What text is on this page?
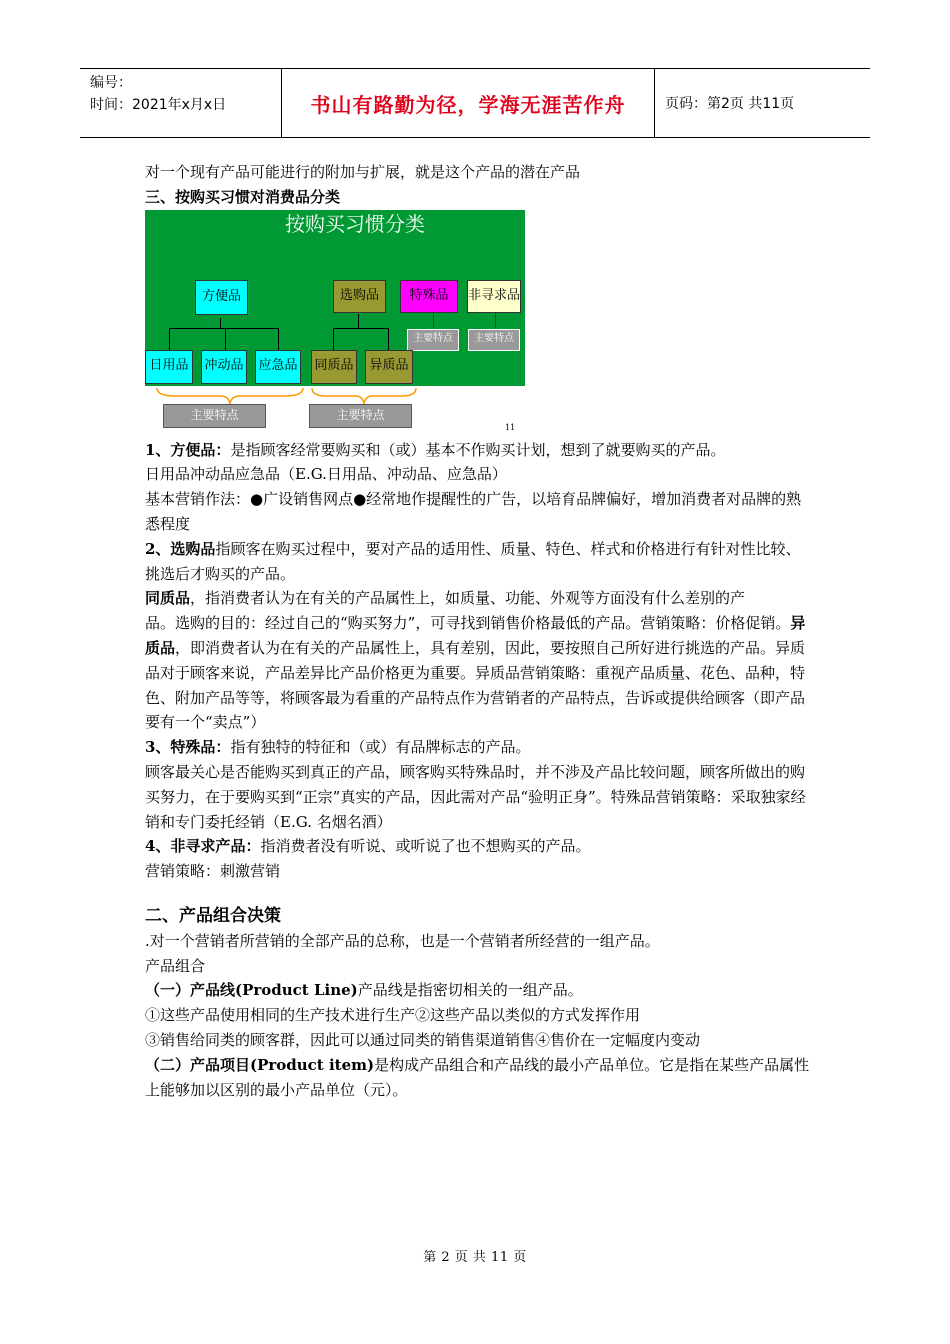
编号：
时间：2021年x月x日	书山有路勤为径，学海无涯苦作舟	页码：第2页 共11页

对一个现有产品可能进行的附加与扩展，就是这个产品的潜在产品

三、按购买习惯对消费品分类

按购买习惯分类
方便品	选购品	特殊品	非寻求品
主要特点	主要特点
日用品	冲动品 应急品 同质品	异质品
主要特点	主要特点
11

1、方便品：是指顾客经常要购买和（或）基本不作购买计划，想到了就要购买的产品。

日用品冲动品应急品（E.G.日用品、冲动品、应急品）

基本营销作法：●广设销售网点●经常地作提醒性的广告，以培育品牌偏好，增加消费者对品牌的熟悉程度

2、选购品指顾客在购买过程中，要对产品的适用性、质量、特色、样式和价格进行有针对性比较、挑选后才购买的产品。

同质品，指消费者认为在有关的产品属性上，如质量、功能、外观等方面没有什么差别的产

品。选购的目的：经过自己的“购买努力”，可寻找到销售价格最低的产品。营销策略：价格促销。异质品，即消费者认为在有关的产品属性上，具有差别，因此，要按照自己所好进行挑选的产品。异质品对于顾客来说，产品差异比产品价格更为重要。异质品营销策略：重视产品质量、花色、品种，特色、附加产品等等，将顾客最为看重的产品特点作为营销者的产品特点，告诉或提供给顾客（即产品要有一个“卖点”）

3、特殊品：指有独特的特征和（或）有品牌标志的产品。

顾客最关心是否能购买到真正的产品，顾客购买特殊品时，并不涉及产品比较问题，顾客所做出的购买努力，在于要购买到“正宗”真实的产品，因此需对产品“验明正身”。特殊品营销策略：采取独家经销和专门委托经销（E.G. 名烟名酒）

4、非寻求产品：指消费者没有听说、或听说了也不想购买的产品。

营销策略：刺激营销

二、产品组合决策

.对一个营销者所营销的全部产品的总称，也是一个营销者所经营的一组产品。

产品组合

（一）产品线(Product Line)产品线是指密切相关的一组产品。

①这些产品使用相同的生产技术进行生产②这些产品以类似的方式发挥作用

③销售给同类的顾客群，因此可以通过同类的销售渠道销售④售价在一定幅度内变动

（二）产品项目(Product item)是构成产品组合和产品线的最小产品单位。它是指在某些产品属性上能够加以区别的最小产品单位（元）。

第 2 页 共 11 页
